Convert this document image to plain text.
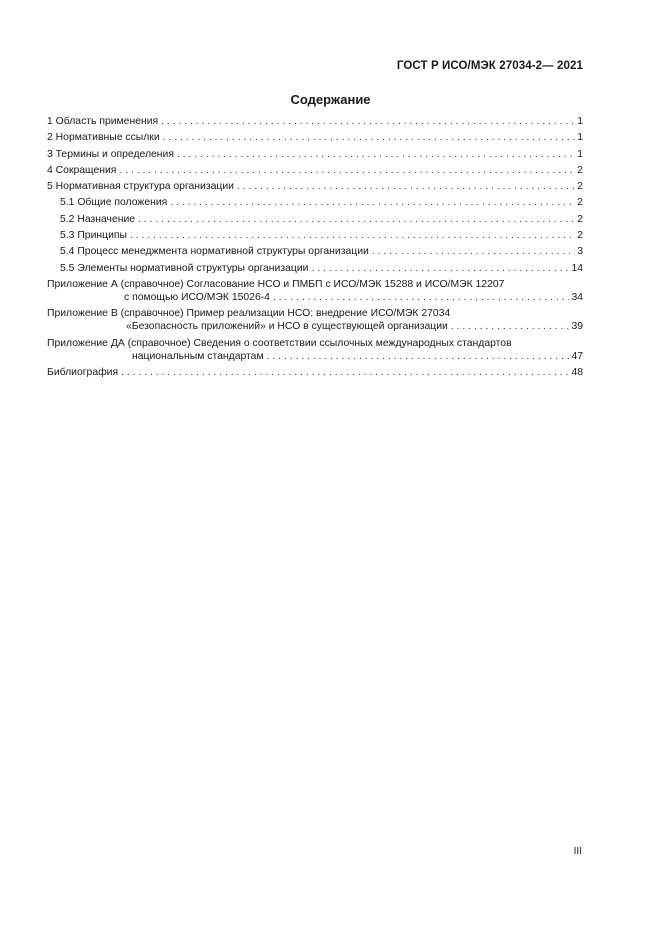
ГОСТ Р ИСО/МЭК 27034-2— 2021
Содержание
1 Область применения . . .	1
2 Нормативные ссылки . . .	1
3 Термины и определения . . .	1
4 Сокращения . . .	2
5 Нормативная структура организации . . .	2
5.1 Общие положения . . .	2
5.2 Назначение . . .	2
5.3 Принципы . . .	2
5.4 Процесс менеджмента нормативной структуры организации . . .	3
5.5 Элементы нормативной структуры организации . . .	14
Приложение А (справочное) Согласование НСО и ПМБП с ИСО/МЭК 15288 и ИСО/МЭК 12207
с помощью ИСО/МЭК 15026-4 . . .	34
Приложение В (справочное) Пример реализации НСО: внедрение ИСО/МЭК 27034
«Безопасность приложений» и НСО в существующей организации . . .	39
Приложение ДА (справочное) Сведения о соответствии ссылочных международных стандартов
национальным стандартам . . .	47
Библиография . . .	48
III
